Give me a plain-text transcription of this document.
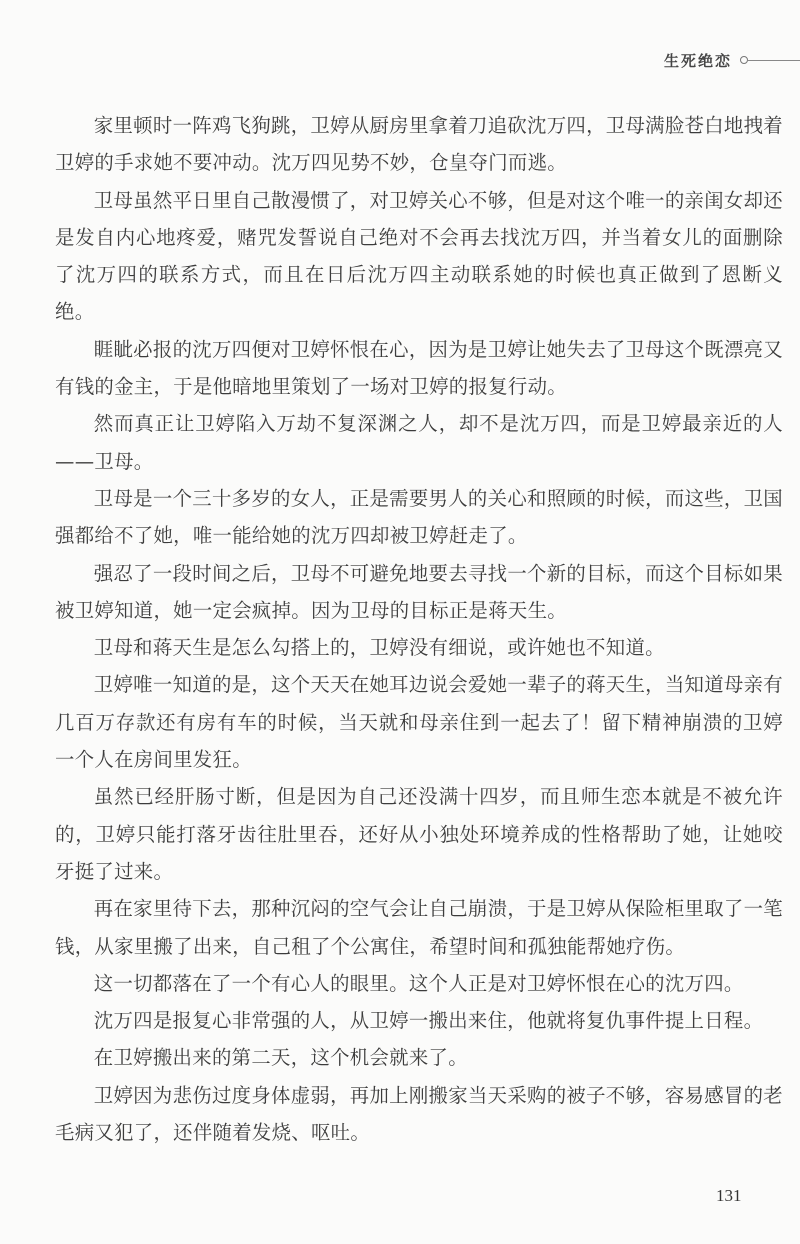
生死绝恋

家里顿时一阵鸡飞狗跳，卫婷从厨房里拿着刀追砍沈万四，卫母满脸苍白地拽着卫婷的手求她不要冲动。沈万四见势不妙，仓皇夺门而逃。

卫母虽然平日里自己散漫惯了，对卫婷关心不够，但是对这个唯一的亲闺女却还是发自内心地疼爱，赌咒发誓说自己绝对不会再去找沈万四，并当着女儿的面删除了沈万四的联系方式，而且在日后沈万四主动联系她的时候也真正做到了恩断义绝。

睚眦必报的沈万四便对卫婷怀恨在心，因为是卫婷让她失去了卫母这个既漂亮又有钱的金主，于是他暗地里策划了一场对卫婷的报复行动。

然而真正让卫婷陷入万劫不复深渊之人，却不是沈万四，而是卫婷最亲近的人——卫母。

卫母是一个三十多岁的女人，正是需要男人的关心和照顾的时候，而这些，卫国强都给不了她，唯一能给她的沈万四却被卫婷赶走了。

强忍了一段时间之后，卫母不可避免地要去寻找一个新的目标，而这个目标如果被卫婷知道，她一定会疯掉。因为卫母的目标正是蒋天生。

卫母和蒋天生是怎么勾搭上的，卫婷没有细说，或许她也不知道。

卫婷唯一知道的是，这个天天在她耳边说会爱她一辈子的蒋天生，当知道母亲有几百万存款还有房有车的时候，当天就和母亲住到一起去了！留下精神崩溃的卫婷一个人在房间里发狂。

虽然已经肝肠寸断，但是因为自己还没满十四岁，而且师生恋本就是不被允许的，卫婷只能打落牙齿往肚里吞，还好从小独处环境养成的性格帮助了她，让她咬牙挺了过来。

再在家里待下去，那种沉闷的空气会让自己崩溃，于是卫婷从保险柜里取了一笔钱，从家里搬了出来，自己租了个公寓住，希望时间和孤独能帮她疗伤。

这一切都落在了一个有心人的眼里。这个人正是对卫婷怀恨在心的沈万四。

沈万四是报复心非常强的人，从卫婷一搬出来住，他就将复仇事件提上日程。

在卫婷搬出来的第二天，这个机会就来了。

卫婷因为悲伤过度身体虚弱，再加上刚搬家当天采购的被子不够，容易感冒的老毛病又犯了，还伴随着发烧、呕吐。

131
